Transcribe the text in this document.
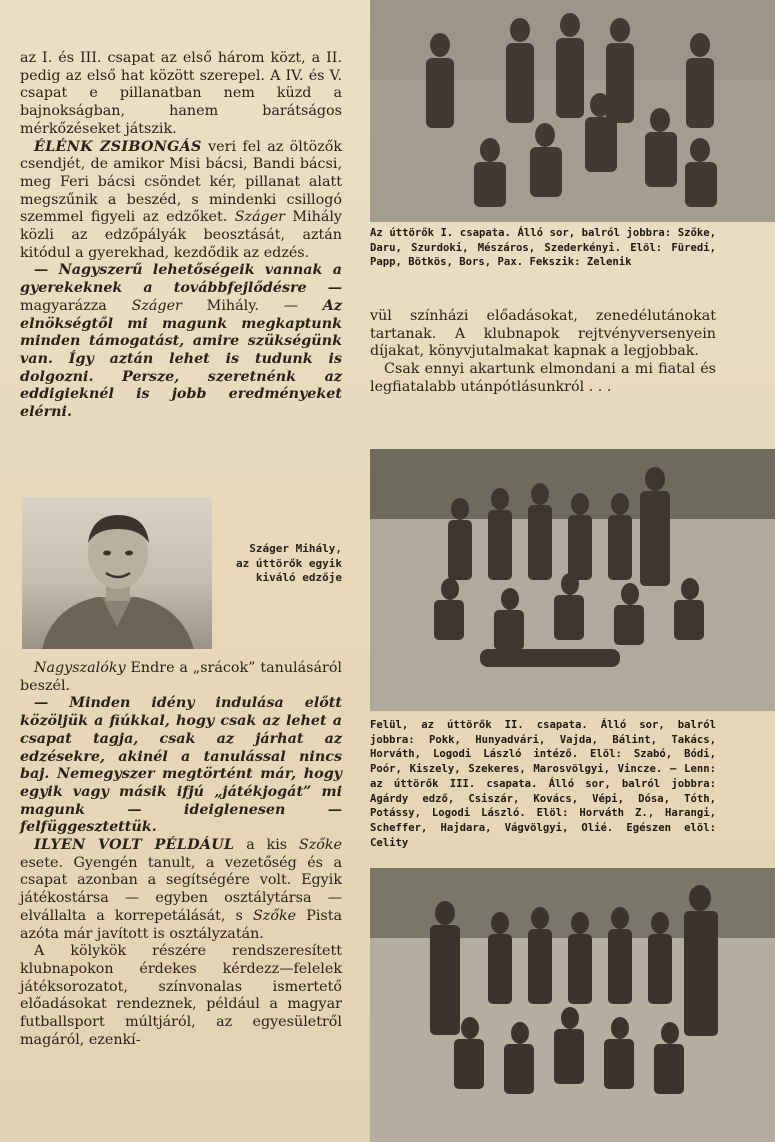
az I. és III. csapat az első három közt, a II. pedig az első hat között szerepel. A IV. és V. csapat e pillanatban nem küzd a bajnokságban, hanem barátságos mérkőzéseket játszik.

ÉLÉNK ZSIBONGÁS veri fel az öltözők csendjét, de amikor Misi bácsi, Bandi bácsi, meg Feri bácsi csöndet kér, pillanat alatt megszűnik a beszéd, s mindenki csillogó szemmel figyeli az edzőket. Száger Mihály közli az edzőpályák beosztását, aztán kitódul a gyerekhad, kezdődik az edzés.

— Nagyszerű lehetőségeik vannak a gyerekeknek a továbbfejlődésre — magyarázza Száger Mihály. — Az elnökségtől mi magunk megkaptunk minden támogatást, amire szükségünk van. Így aztán lehet is tudunk is dolgozni. Persze, szeretnénk az eddigieknél is jobb eredményeket elérni.

Száger Mihály, az úttörők egyik kiváló edzője

Nagyszalóky Endre a „srácok” tanulásáról beszél.

— Minden idény indulása előtt közöljük a fiúkkal, hogy csak az lehet a csapat tagja, csak az járhat az edzésekre, akinél a tanulással nincs baj. Nemegyszer megtörtént már, hogy egyik vagy másik ifjú „játékjogát” mi magunk — ideiglenesen — felfüggesztettük.

ILYEN VOLT PÉLDÁUL a kis Szőke esete. Gyengén tanult, a vezetőség és a csapat azonban a segítségére volt. Egyik játékostársa — egyben osztálytársa — elvállalta a korrepetálását, s Szőke Pista azóta már javított is osztályzatán.

A kölykök részére rendszeresített klubnapokon érdekes kérdezz—felelek játéksorozatot, színvonalas ismertető előadásokat rendeznek, például a magyar futballsport múltjáról, az egyesületről magáról, ezenkí-

Az úttörők I. csapata. Álló sor, balról jobbra: Szőke, Daru, Szurdoki, Mészáros, Szederkényi. Elöl: Füredi, Papp, Bötkös, Bors, Pax. Fekszik: Zelenik

vül színházi előadásokat, zenedélutánokat tartanak. A klubnapok rejtvényversenyein díjakat, könyvjutalmakat kapnak a legjobbak.

Csak ennyi akartunk elmondani a mi fiatal és legfiatalabb utánpótlásunkról . . .

Felül, az úttörők II. csapata. Álló sor, balról jobbra: Pokk, Hunyadvári, Vajda, Bálint, Takács, Horváth, Logodi László intéző. Elöl: Szabó, Bódi, Poór, Kiszely, Szekeres, Marosvölgyi, Vincze. — Lenn: az úttörők III. csapata. Álló sor, balról jobbra: Agárdy edző, Csiszár, Kovács, Vépi, Dósa, Tóth, Potássy, Logodi László. Elöl: Horváth Z., Harangi, Scheffer, Hajdara, Vágvölgyi, Olié. Egészen elöl: Celity
